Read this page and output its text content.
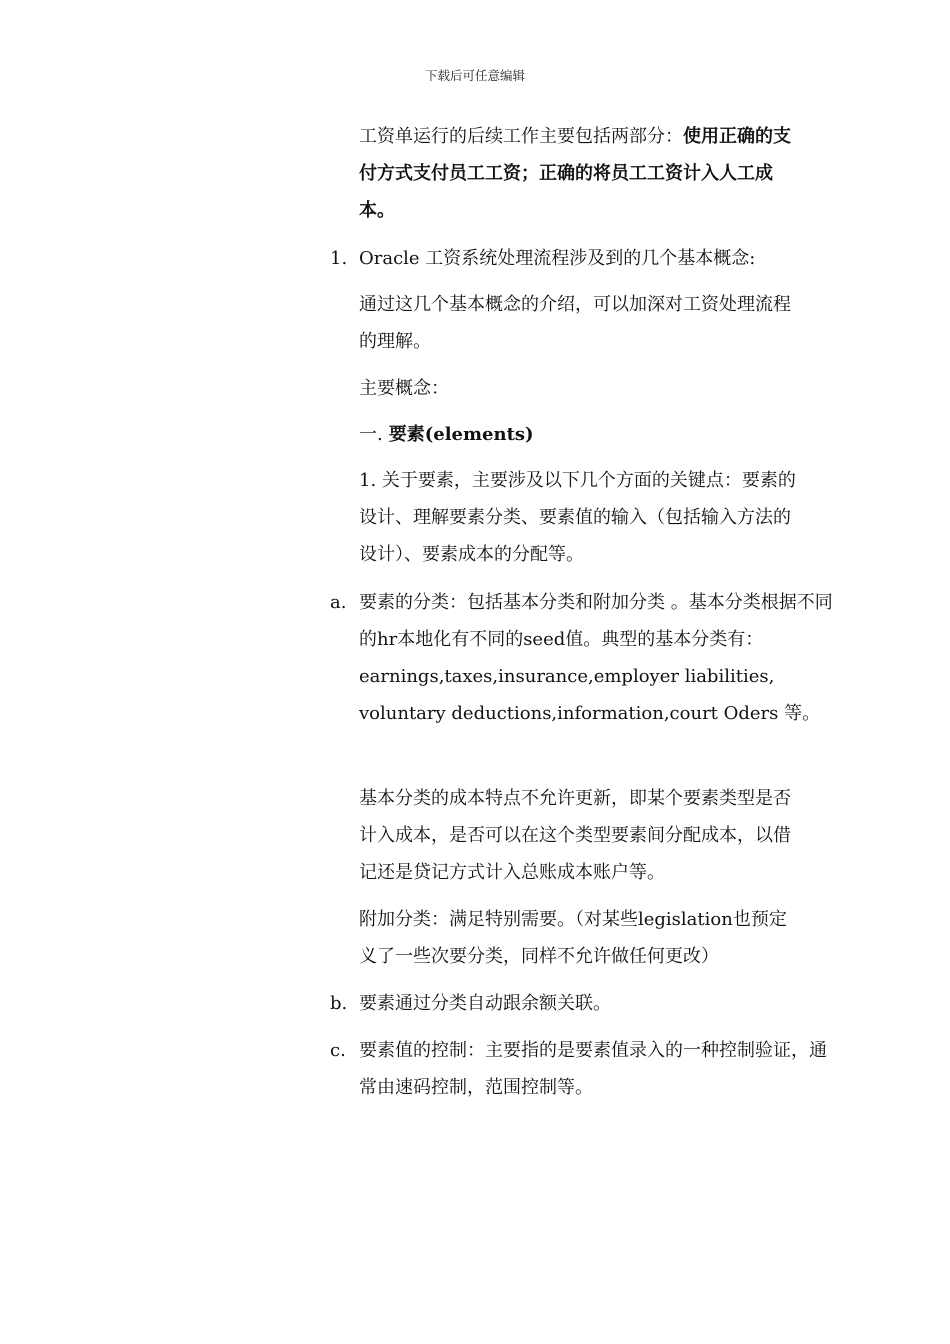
下载后可任意编辑
工资单运行的后续工作主要包括两部分：使用正确的支付方式支付员工工资；正确的将员工工资计入人工成本。
1. Oracle 工资系统处理流程涉及到的几个基本概念:
通过这几个基本概念的介绍，可以加深对工资处理流程的理解。
主要概念：
一. 要素(elements)
1. 关于要素，主要涉及以下几个方面的关键点：要素的设计、理解要素分类、要素值的输入（包括输入方法的设计）、要素成本的分配等。
a. 要素的分类：包括基本分类和附加分类 。基本分类根据不同的hr本地化有不同的seed值。典型的基本分类有：earnings,taxes,insurance,employer liabilities, voluntary deductions,information,court Oders 等。
基本分类的成本特点不允许更新，即某个要素类型是否计入成本，是否可以在这个类型要素间分配成本，以借记还是贷记方式计入总账成本账户等。
附加分类：满足特别需要。（对某些legislation也预定义了一些次要分类，同样不允许做任何更改）
b. 要素通过分类自动跟余额关联。
c. 要素值的控制：主要指的是要素值录入的一种控制验证，通常由速码控制，范围控制等。
